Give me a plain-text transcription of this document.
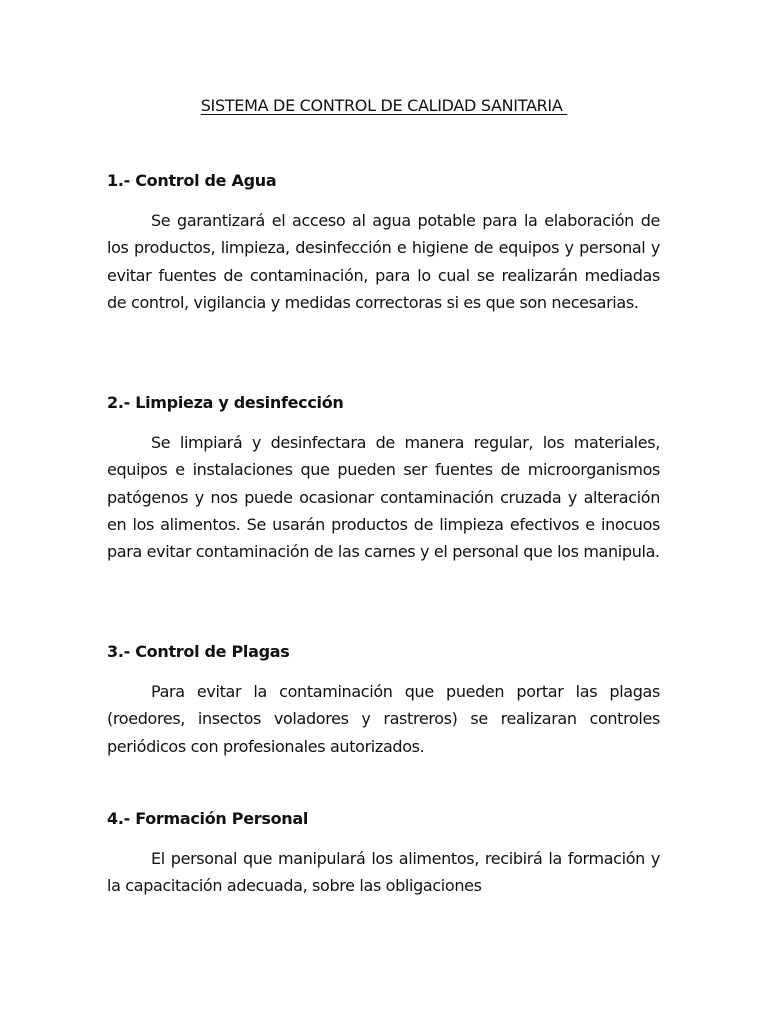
SISTEMA DE CONTROL DE CALIDAD SANITARIA

1.- Control de Agua

Se garantizará el acceso al agua potable para la elaboración de los productos, limpieza, desinfección e higiene de equipos y personal y evitar fuentes de contaminación, para lo cual se realizarán mediadas de control, vigilancia y medidas correctoras si es que son necesarias.

2.- Limpieza y desinfección

Se limpiará y desinfectara de manera regular, los materiales, equipos e instalaciones que pueden ser fuentes de microorganismos patógenos y nos puede ocasionar contaminación cruzada y alteración en los alimentos. Se usarán productos de limpieza efectivos e inocuos para evitar contaminación de las carnes y el personal que los manipula.

3.- Control de Plagas

Para evitar la contaminación que pueden portar las plagas (roedores, insectos voladores y rastreros) se realizaran controles periódicos con profesionales autorizados.

4.- Formación Personal

El personal que manipulará los alimentos, recibirá la formación y la capacitación adecuada, sobre las obligaciones
